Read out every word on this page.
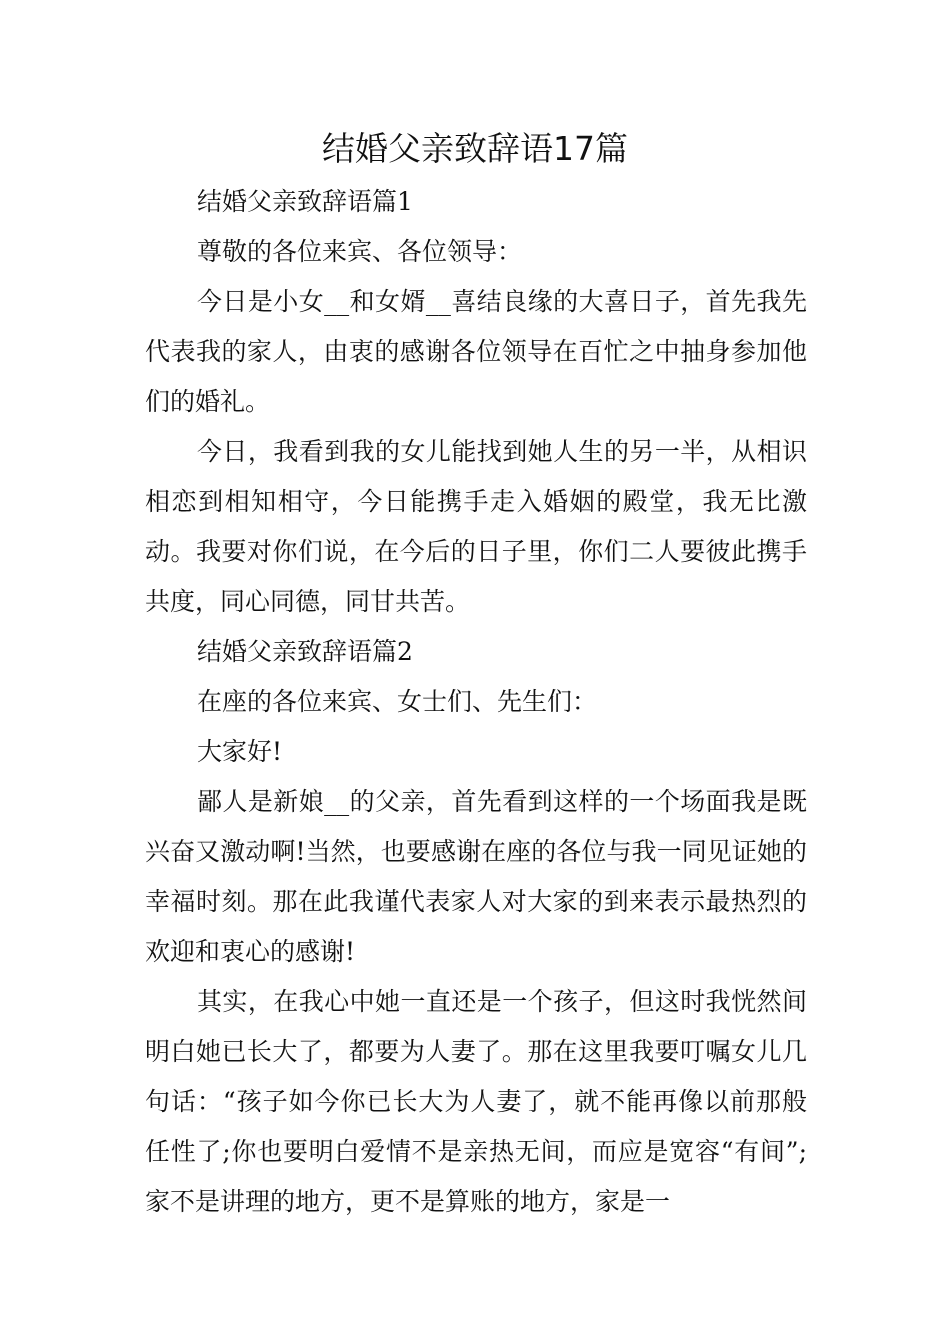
结婚父亲致辞语17篇

结婚父亲致辞语篇1

尊敬的各位来宾、各位领导：

今日是小女__和女婿__喜结良缘的大喜日子，首先我先代表我的家人，由衷的感谢各位领导在百忙之中抽身参加他们的婚礼。

今日，我看到我的女儿能找到她人生的另一半，从相识相恋到相知相守，今日能携手走入婚姻的殿堂，我无比激动。我要对你们说，在今后的日子里，你们二人要彼此携手共度，同心同德，同甘共苦。

结婚父亲致辞语篇2

在座的各位来宾、女士们、先生们：

大家好!

鄙人是新娘__的父亲，首先看到这样的一个场面我是既兴奋又激动啊!当然，也要感谢在座的各位与我一同见证她的幸福时刻。那在此我谨代表家人对大家的到来表示最热烈的欢迎和衷心的感谢!

其实，在我心中她一直还是一个孩子，但这时我恍然间明白她已长大了，都要为人妻了。那在这里我要叮嘱女儿几句话：“孩子如今你已长大为人妻了，就不能再像以前那般任性了;你也要明白爱情不是亲热无间，而应是宽容“有间”;家不是讲理的地方，更不是算账的地方，家是一
